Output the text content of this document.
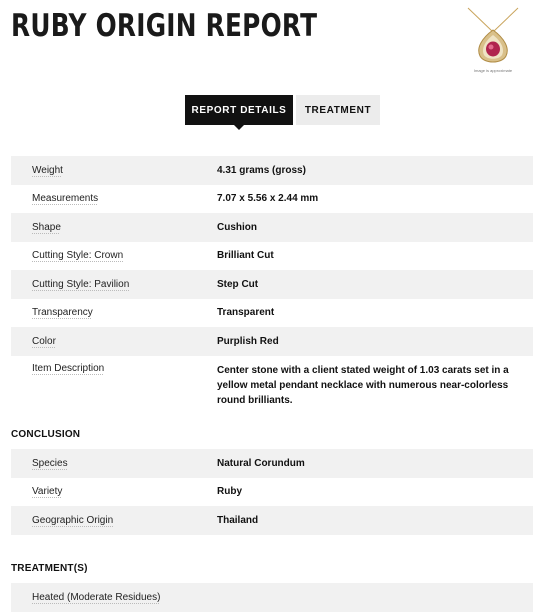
RUBY ORIGIN REPORT
Image is approximate
REPORT DETAILS TREATMENT
Weight	4.31 grams (gross)
Measurements	7.07 x 5.56 x 2.44 mm
Shape	Cushion
Cutting Style: Crown	Brilliant Cut
Cutting Style: Pavilion	Step Cut
Transparency	Transparent
Color	Purplish Red
Item Description	Center stone with a client stated weight of 1.03 carats set in a yellow metal pendant necklace with numerous near-colorless round brilliants.
CONCLUSION
Species	Natural Corundum
Variety	Ruby
Geographic Origin	Thailand
TREATMENT(S)
Heated (Moderate Residues)
